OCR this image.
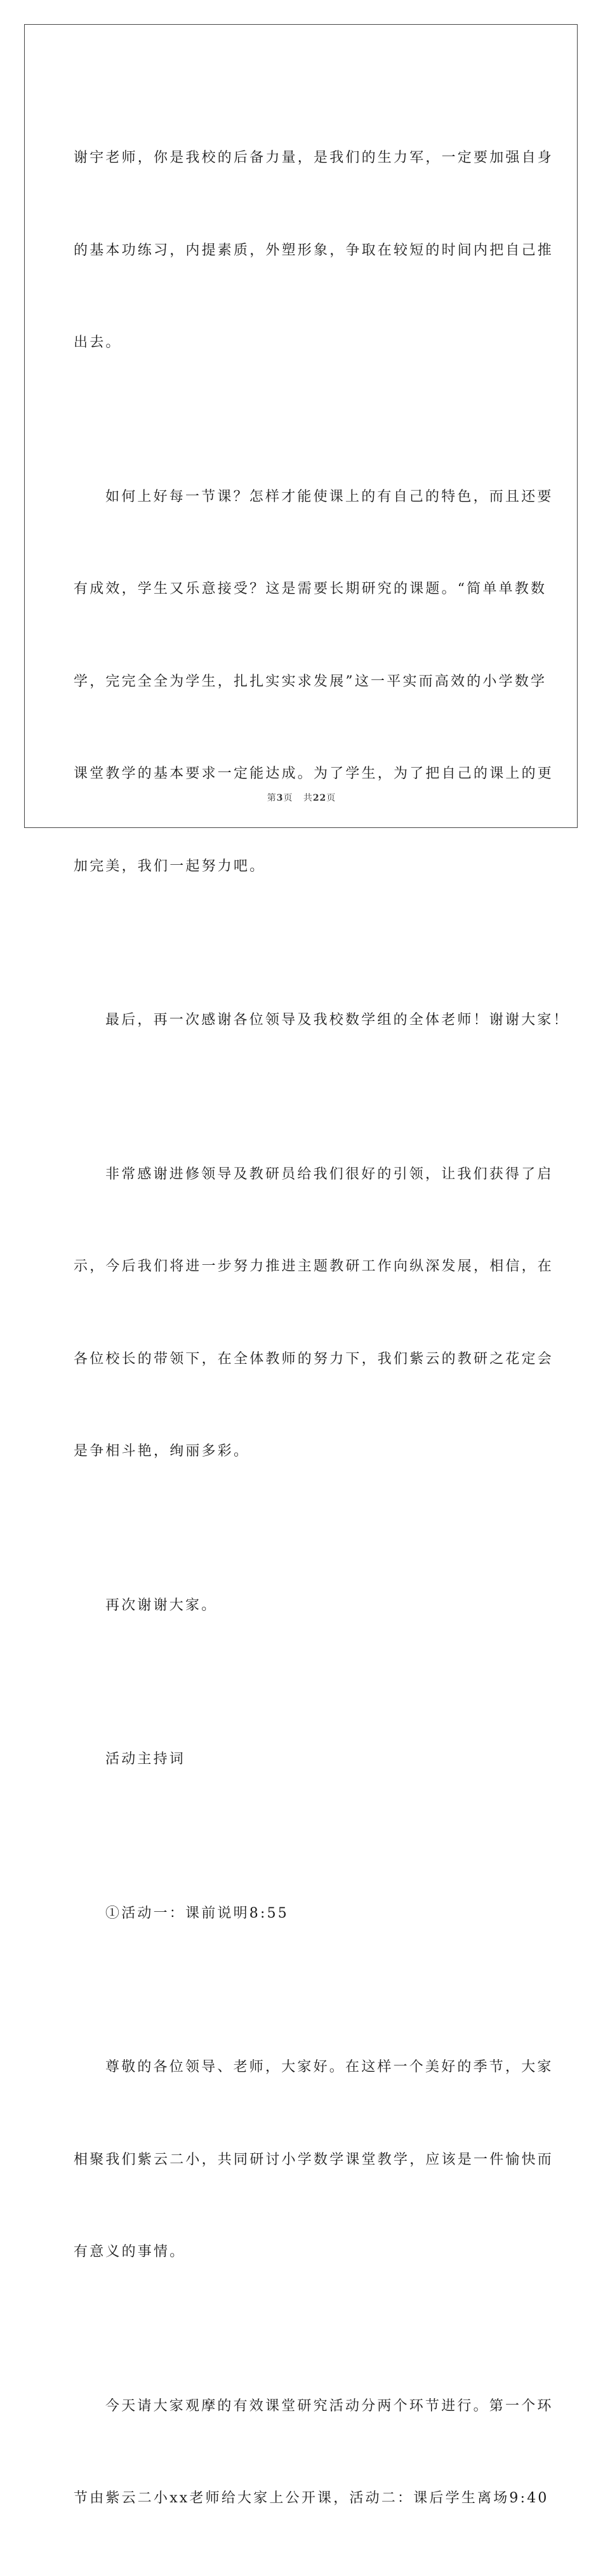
谢宇老师，你是我校的后备力量，是我们的生力军，一定要加强自身

的基本功练习，内提素质，外塑形象，争取在较短的时间内把自己推

出去。

如何上好每一节课？怎样才能使课上的有自己的特色，而且还要

有成效，学生又乐意接受？这是需要长期研究的课题。“简单单教数

学，完完全全为学生，扎扎实实求发展”这一平实而高效的小学数学

课堂教学的基本要求一定能达成。为了学生，为了把自己的课上的更

加完美，我们一起努力吧。

最后，再一次感谢各位领导及我校数学组的全体老师！谢谢大家！

非常感谢进修领导及教研员给我们很好的引领，让我们获得了启

示，今后我们将进一步努力推进主题教研工作向纵深发展，相信，在

各位校长的带领下，在全体教师的努力下，我们紫云的教研之花定会

是争相斗艳，绚丽多彩。

再次谢谢大家。

活动主持词

①活动一：课前说明8:55

尊敬的各位领导、老师，大家好。在这样一个美好的季节，大家

相聚我们紫云二小，共同研讨小学数学课堂教学，应该是一件愉快而

有意义的事情。

今天请大家观摩的有效课堂研究活动分两个环节进行。第一个环

节由紫云二小xx老师给大家上公开课，活动二：课后学生离场9:40

第3页 共22页
